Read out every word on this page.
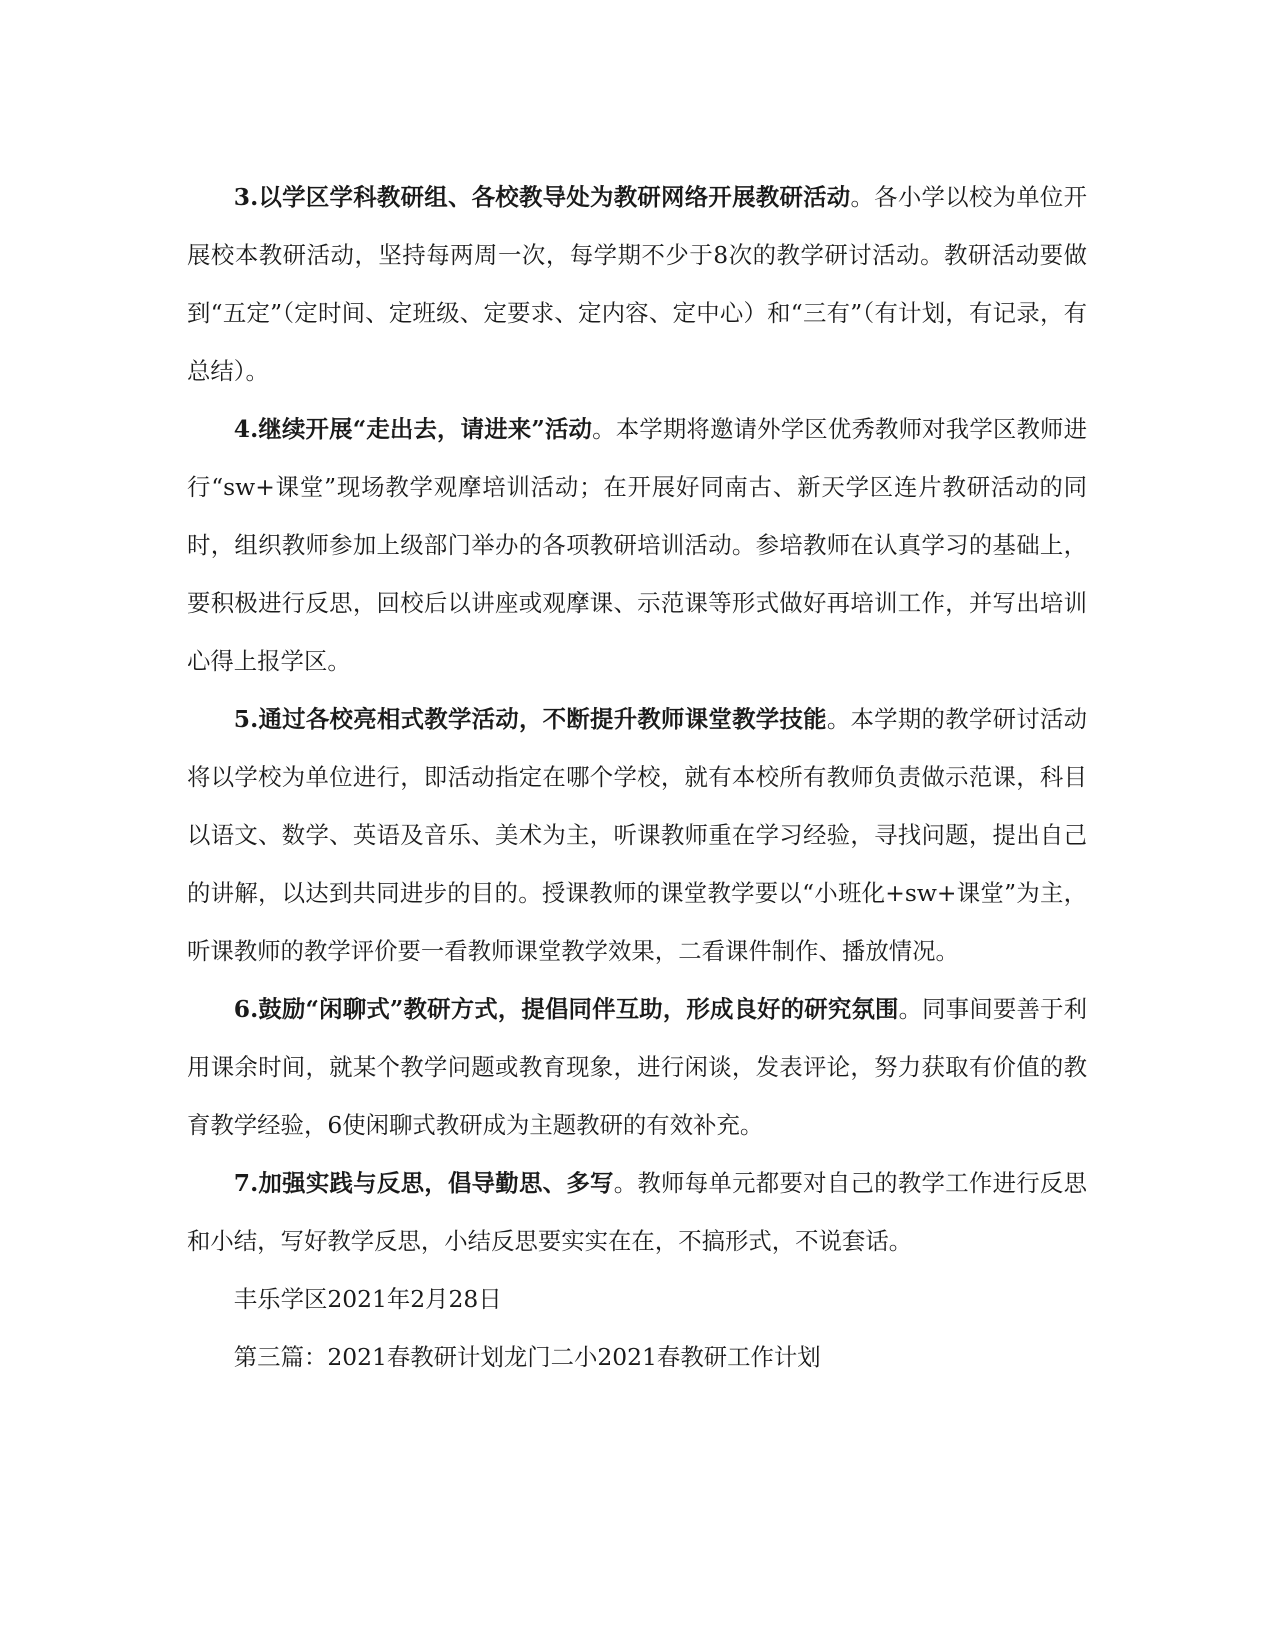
3.以学区学科教研组、各校教导处为教研网络开展教研活动。各小学以校为单位开展校本教研活动，坚持每两周一次，每学期不少于8次的教学研讨活动。教研活动要做到“五定”（定时间、定班级、定要求、定内容、定中心）和“三有”（有计划，有记录，有总结）。

4.继续开展“走出去，请进来”活动。本学期将邀请外学区优秀教师对我学区教师进行“sw+课堂”现场教学观摩培训活动；在开展好同南古、新天学区连片教研活动的同时，组织教师参加上级部门举办的各项教研培训活动。参培教师在认真学习的基础上，要积极进行反思，回校后以讲座或观摩课、示范课等形式做好再培训工作，并写出培训心得上报学区。

5.通过各校亮相式教学活动，不断提升教师课堂教学技能。本学期的教学研讨活动将以学校为单位进行，即活动指定在哪个学校，就有本校所有教师负责做示范课，科目以语文、数学、英语及音乐、美术为主，听课教师重在学习经验，寻找问题，提出自己的讲解，以达到共同进步的目的。授课教师的课堂教学要以“小班化+sw+课堂”为主，听课教师的教学评价要一看教师课堂教学效果，二看课件制作、播放情况。

6.鼓励“闲聊式”教研方式，提倡同伴互助，形成良好的研究氛围。同事间要善于利用课余时间，就某个教学问题或教育现象，进行闲谈，发表评论，努力获取有价值的教育教学经验，6使闲聊式教研成为主题教研的有效补充。

7.加强实践与反思，倡导勤思、多写。教师每单元都要对自己的教学工作进行反思和小结，写好教学反思，小结反思要实实在在，不搞形式，不说套话。

丰乐学区2021年2月28日

第三篇：2021春教研计划龙门二小2021春教研工作计划
